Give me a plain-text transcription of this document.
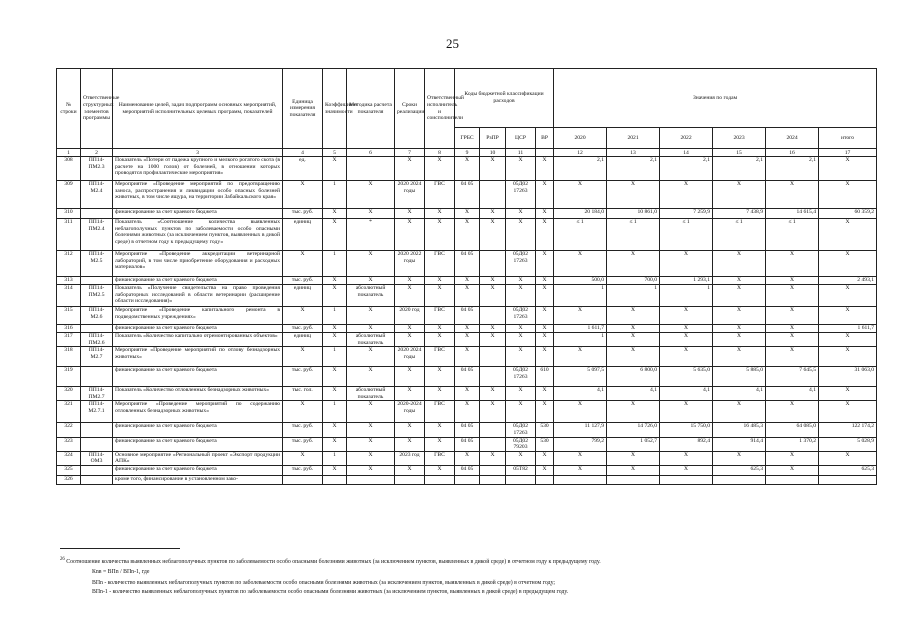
25
№ строки	Ответственные структурных элементов программы	Наименование целей, задач подпрограмм основных мероприятий, мероприятий исполнительных целевых программ, показателей	Единица измерения показателя	Коэффициент значимости	Методика расчета показателя	Сроки реализации	Ответственный исполнитель и соисполнители	Коды бюджетной классификации расходов				Значения по годам					
								ГРБС	РзПР	ЦСР	ВР	2020	2021	2022	2023	2024	итого
1	2	3	4	5	6	7	8	9	10	11		12	13	14	15	16	17
308	ПП14-ПМ2.3	Показатель «Потери от падежа крупного и мелкого рогатого скота (в расчете на 1000 голов) от болезней, в отношении которых проводятся профилактические мероприятия»	ед.	X		X	X	X	X	X	X	2,1	2,1	2,1	2,1	2,1	X
309	ПП14-М2.4	Мероприятие «Проведение мероприятий по предотвращению заноса, распространения и ликвидации особо опасных болезней животных, в том числе ящура, на территории Забайкальского края»	X	1	X	2020 2024 годы	ГВС	04 05		05Д02 17263	X	X	X	X	X	X	X
310		финансирование за счет краевого бюджета	тыс. руб.	X	X	X	X	X	X	X	X	20 184,0	10 861,0	7 259,9	7 438,9	14 615,4	60 359,2
311	ПП14-ПМ2.4	Показатель «Соотношение количества выявленных неблагополучных пунктов по заболеваемости особо опасными болезнями животных (за исключением пунктов, выявленных в дикой среде) в отчетном году к предыдущему году»	единиц	X	*	X	X	X	X	X	X	≤ 1	≤ 1	≤ 1	≤ 1	≤ 1	X
312	ПП14-М2.5	Мероприятие «Проведение аккредитации ветеринарной лабораторий, в том числе приобретение оборудования и расходных материалов»	X	1	X	2020 2022 годы	ГВС	04 05		05Д02 17263	X	X	X	X	X	X	X
313		финансирование за счет краевого бюджета	тыс. руб.	X	X	X	X	X	X	X	X	500,0	700,0	1 293,1	X	X	2 493,1
314	ПП14-ПМ2.5	Показатель «Получение свидетельства на право проведения лабораторных исследований в области ветеринарии (расширение области исследования)»	единиц	X	абсолютный показатель	X	X	X	X	X	X	1	1	1	X	X	X
315	ПП14-М2.6	Мероприятие «Проведение капитального ремонта в подведомственных учреждениях»	X	1	X	2020 год	ГВС	04 05		05Д02 17263	X	X	X	X	X	X	X
316		финансирование за счет краевого бюджета	тыс. руб.	X	X	X	X	X	X	X	X	1 611,7	X	X	X	X	1 611,7
317	ПП14-ПМ2.6	Показатель «Количество капитально отремонтированных объектов»	единиц	X	абсолютный показатель	X	X	X	X	X	X	1	X	X	X	X	X
318	ПП14-М2.7	Мероприятие «Проведение мероприятий по отлову безнадзорных животных»	X	1	X	2020 2024 годы	ГВС	X		X	X	X	X	X	X	X	X
319		финансирование за счет краевого бюджета	тыс. руб.	X	X	X	X	04 05		05Д02 17263	610	5 097,5	6 800,0	5 635,0	5 885,0	7 645,5	31 063,0
320	ПП14-ПМ2.7	Показатель «Количество отловленных безнадзорных животных»	тыс. гол.	X	абсолютный показатель	X	X	X	X	X	X	4,1	4,1	4,1	4,1	4,1	X
321	ПП14-М2.7.1	Мероприятие «Проведение мероприятий по содержанию отловленных безнадзорных животных»	X	1	X	2020-2024 годы	ГВС	X	X	X	X	X	X	X	X	X	X
322		финансирование за счет краевого бюджета	тыс. руб.	X	X	X	X	04 05		05Д02 17263	530	11 127,9	14 726,0	15 750,0	16 485,3	64 085,0	122 174,2
323		финансирование за счет краевого бюджета	тыс. руб.	X	X	X	X	04 05		05Д02 79203	530	799,2	1 052,7	892,4	914,4	1 370,2	5 028,9
324	ПП14-ОМ3	Основное мероприятие «Региональный проект «Экспорт продукции АПК»	X	1	X	2023 год	ГВС	X	X	X	X	X	X	X	X	X	X
325		финансирование за счет краевого бюджета	тыс. руб.	X	X	X	X	04 05		05Т82	X	X	X	X	625,3	X	625,3
326		кроме того, финансирование в установленном зако-															
$^{26}$ Соотношение количества выявленных неблагополучных пунктов по заболеваемости особо опасными болезнями животных (за исключением пунктов, выявленных в дикой среде) в отчетном году к предыдущему году.
Кnв = ВПn / ВПn-1, где
ВПn - количество выявленных неблагополучных пунктов по заболеваемости особо опасными болезнями животных (за исключением пунктов, выявленных в дикой среде) в отчетном году;
ВПn-1 - количество выявленных неблагополучных пунктов по заболеваемости особо опасными болезнями животных (за исключением пунктов, выявленных в дикой среде) в предыдущем году.
